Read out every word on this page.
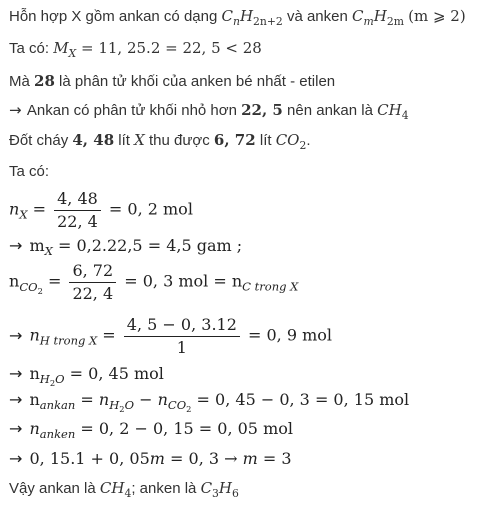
Hỗn hợp X gồm ankan có dạng $C_nH_{2n+2}$ và anken $C_mH_{2m}$ (m ⩾ 2)
Ta có: $M_X = 11$, 25.2 = 22, 5 < 28
Mà 28 là phân tử khối của anken bé nhất - etilen
→ Ankan có phân tử khối nhỏ hơn 22, 5 nên ankan là $CH_4$
Đốt cháy 4, 48 lít X thu được 6, 72 lít $CO_2$.
Ta có:
$n_X = \frac{4, 48}{22, 4} = 0$, 2 mol
→ $m_X = 0,2.22,5 = 4,5$ gam ;
$n_{CO_2} = \frac{6, 72}{22, 4} = 0$, 3 mol = $n_{C trong X}$
→ $n_{H trong X} = \frac{4, 5 - 0, 3.12}{1} = 0$, 9 mol
→ $n_{H_2O} = 0$, 45 mol
→ $n_{ankan} = n_{H_2O} - n_{CO_2} = 0$, 45 − 0, 3 = 0, 15 mol
→ $n_{anken} = 0$, 2 − 0, 15 = 0, 05 mol
→ 0, 15.1 + 0, 05m = 0, 3 → m = 3
Vậy ankan là $CH_4$; anken là $C_3H_6$
